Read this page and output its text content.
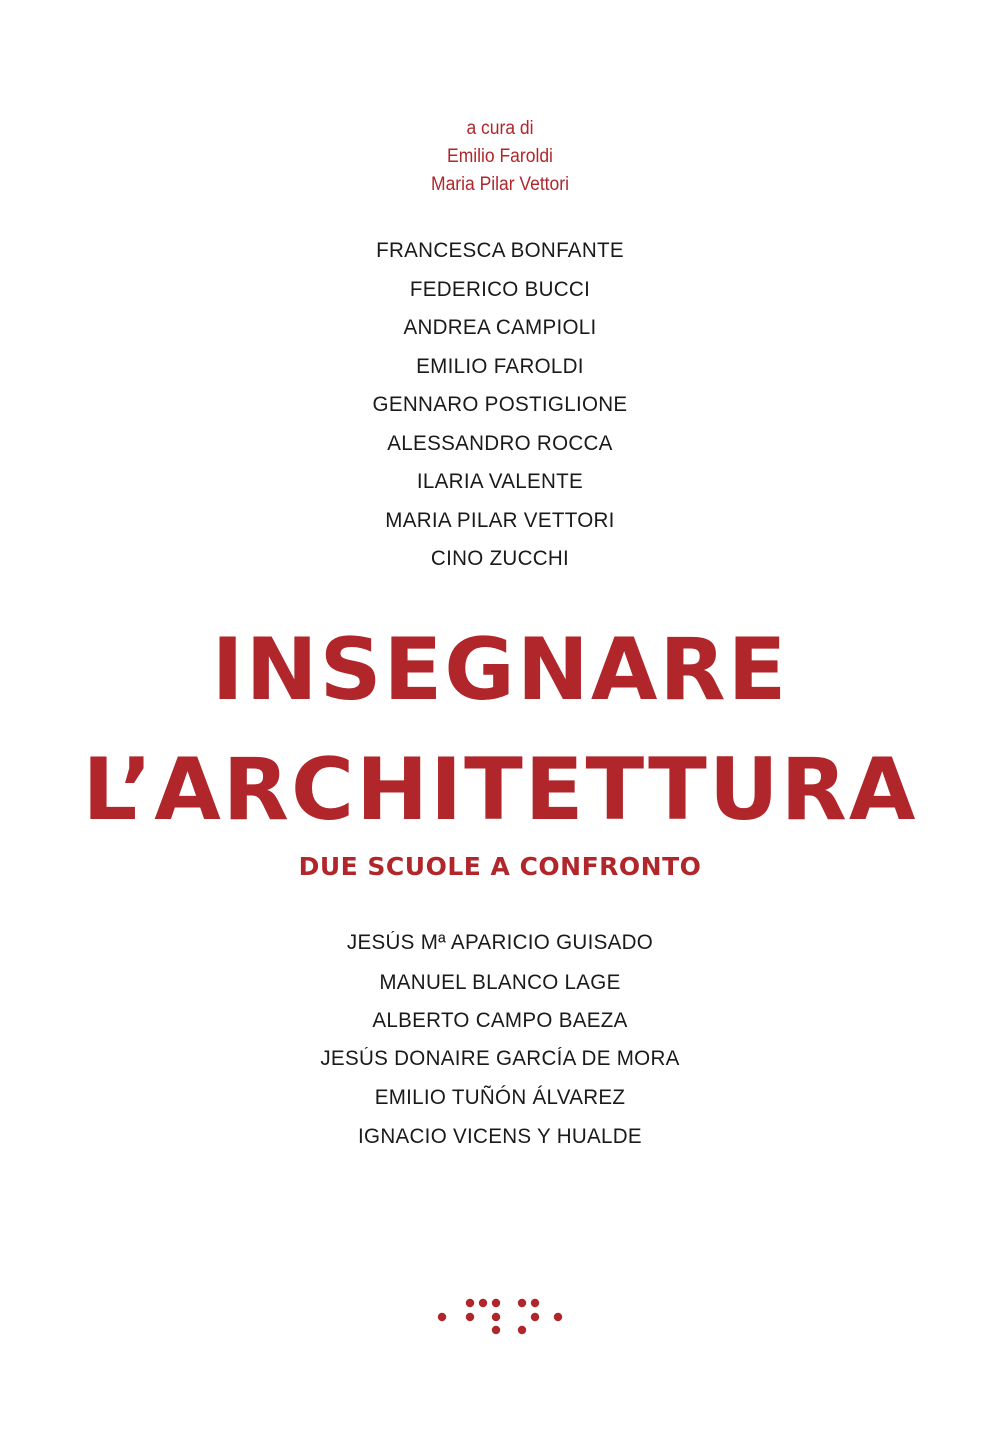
a cura di
Emilio Faroldi
Maria Pilar Vettori
FRANCESCA BONFANTE
FEDERICO BUCCI
ANDREA CAMPIOLI
EMILIO FAROLDI
GENNARO POSTIGLIONE
ALESSANDRO ROCCA
ILARIA VALENTE
MARIA PILAR VETTORI
CINO ZUCCHI
INSEGNARE
L’ARCHITETTURA
DUE SCUOLE A CONFRONTO
JESÚS Mª APARICIO GUISADO
MANUEL BLANCO LAGE
ALBERTO CAMPO BAEZA
JESÚS DONAIRE GARCÍA DE MORA
EMILIO TUÑÓN ÁLVAREZ
IGNACIO VICENS Y HUALDE
